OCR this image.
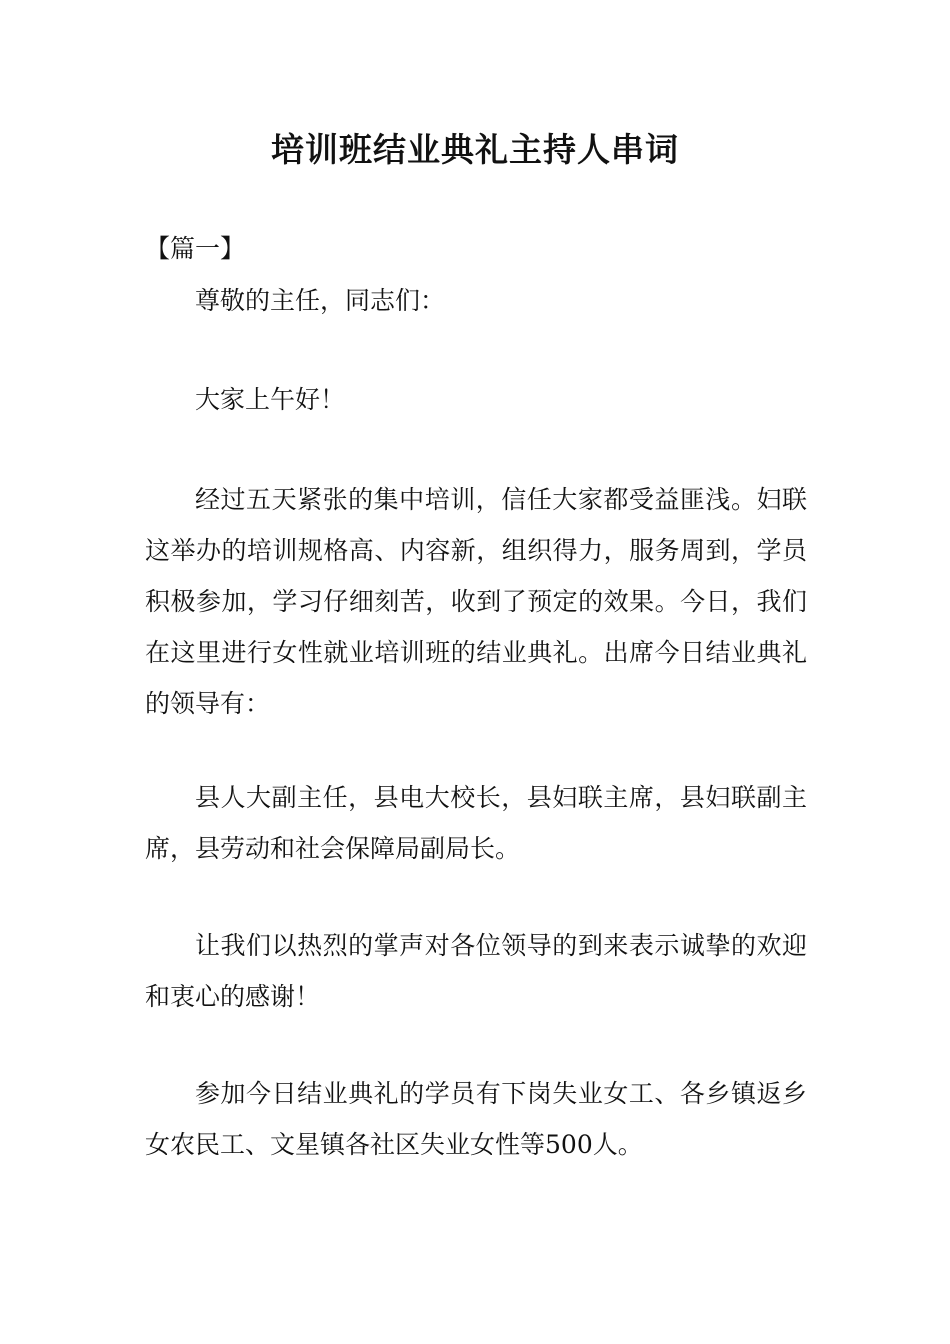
培训班结业典礼主持人串词
【篇一】

尊敬的主任，同志们：

大家上午好！

经过五天紧张的集中培训，信任大家都受益匪浅。妇联这举办的培训规格高、内容新，组织得力，服务周到，学员积极参加，学习仔细刻苦，收到了预定的效果。今日，我们在这里进行女性就业培训班的结业典礼。出席今日结业典礼的领导有：

县人大副主任，县电大校长，县妇联主席，县妇联副主席，县劳动和社会保障局副局长。

让我们以热烈的掌声对各位领导的到来表示诚挚的欢迎和衷心的感谢！

参加今日结业典礼的学员有下岗失业女工、各乡镇返乡女农民工、文星镇各社区失业女性等500人。
